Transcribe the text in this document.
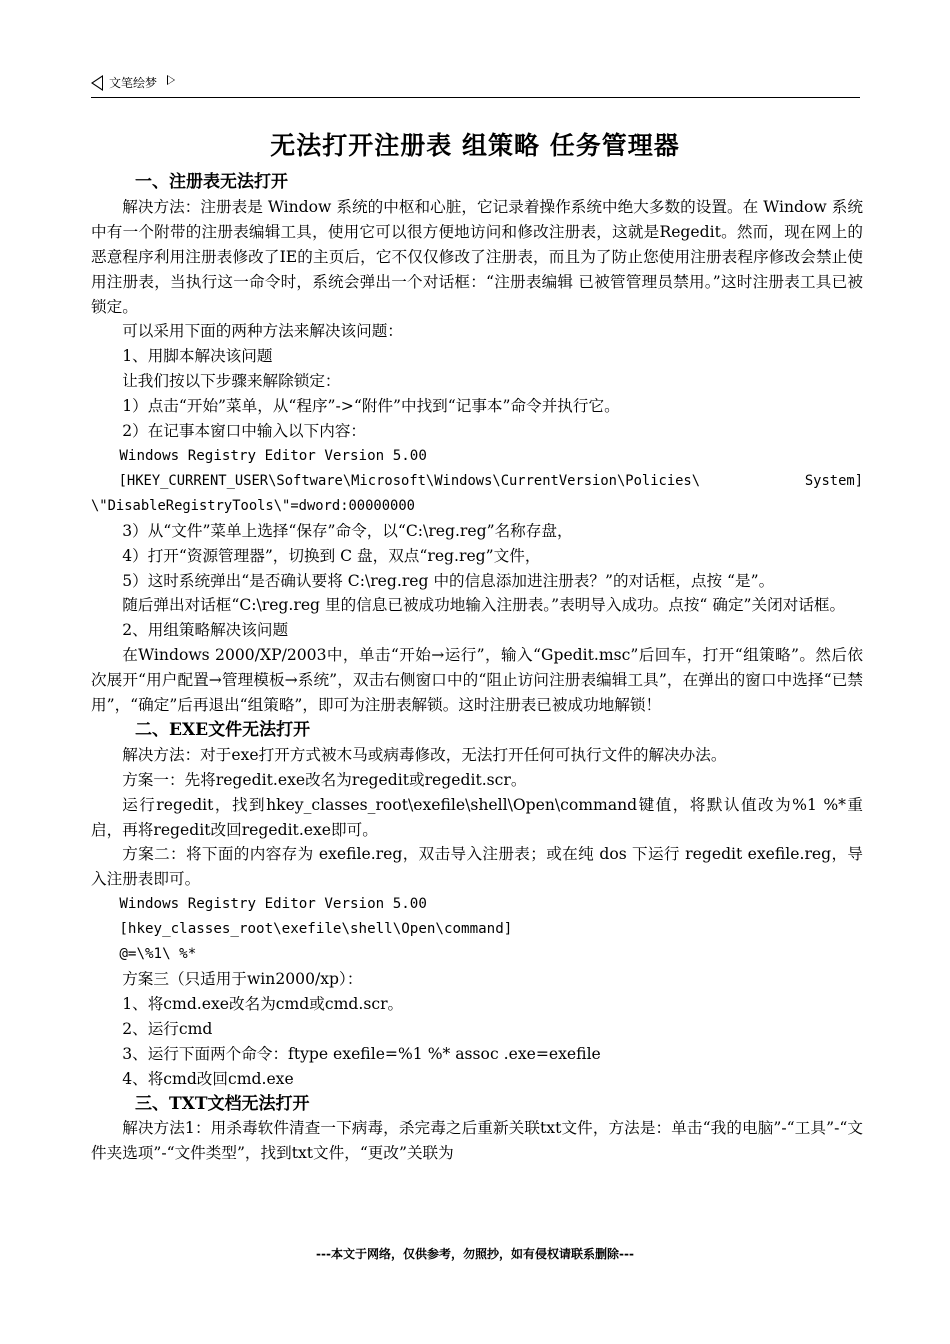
文笔绘梦
无法打开注册表 组策略 任务管理器
一、注册表无法打开

解决方法：注册表是 Window 系统的中枢和心脏，它记录着操作系统中绝大多数的设置。在 Window 系统中有一个附带的注册表编辑工具，使用它可以很方便地访问和修改注册表，这就是Regedit。然而，现在网上的恶意程序利用注册表修改了IE的主页后，它不仅仅修改了注册表，而且为了防止您使用注册表程序修改会禁止使用注册表，当执行这一命令时，系统会弹出一个对话框：“注册表编辑 已被管管理员禁用。”这时注册表工具已被锁定。

可以采用下面的两种方法来解决该问题：

1、用脚本解决该问题

让我们按以下步骤来解除锁定：

1）点击“开始”菜单，从“程序”->“附件”中找到“记事本”命令并执行它。

2）在记事本窗口中输入以下内容：

Windows Registry Editor Version 5.00

[HKEY_CURRENT_USER\Software\Microsoft\Windows\CurrentVersion\Policies\ System] \"DisableRegistryTools\"=dword:00000000

3）从“文件”菜单上选择“保存”命令，以“C:\reg.reg”名称存盘，

4）打开“资源管理器”，切换到 C 盘，双点“reg.reg”文件，

5）这时系统弹出“是否确认要将 C:\reg.reg 中的信息添加进注册表？”的对话框，点按 “是”。

随后弹出对话框“C:\reg.reg 里的信息已被成功地输入注册表。”表明导入成功。点按“ 确定”关闭对话框。

2、用组策略解决该问题

在Windows 2000/XP/2003中，单击“开始→运行”，输入“Gpedit.msc”后回车，打开“组策略”。然后依次展开“用户配置→管理模板→系统”，双击右侧窗口中的“阻止访问注册表编辑工具”，在弹出的窗口中选择“已禁用”，“确定”后再退出“组策略”，即可为注册表解锁。这时注册表已被成功地解锁！

二、EXE文件无法打开

解决方法：对于exe打开方式被木马或病毒修改，无法打开任何可执行文件的解决办法。

方案一：先将regedit.exe改名为regedit或regedit.scr。

运行regedit，找到hkey_classes_root\exefile\shell\Open\command键值，将默认值改为%1 %*重启，再将regedit改回regedit.exe即可。

方案二：将下面的内容存为 exefile.reg，双击导入注册表；或在纯 dos 下运行 regedit exefile.reg，导入注册表即可。

Windows Registry Editor Version 5.00

[hkey_classes_root\exefile\shell\Open\command]

@=\%1\ %*

方案三（只适用于win2000/xp）：

1、将cmd.exe改名为cmd或cmd.scr。

2、运行cmd

3、运行下面两个命令：ftype exefile=%1 %* assoc .exe=exefile

4、将cmd改回cmd.exe

三、TXT文档无法打开

解决方法1：用杀毒软件清查一下病毒，杀完毒之后重新关联txt文件，方法是：单击“我的电脑”-“工具”-“文件夹选项”-“文件类型”，找到txt文件，“更改”关联为

---本文于网络，仅供参考，勿照抄，如有侵权请联系删除---
